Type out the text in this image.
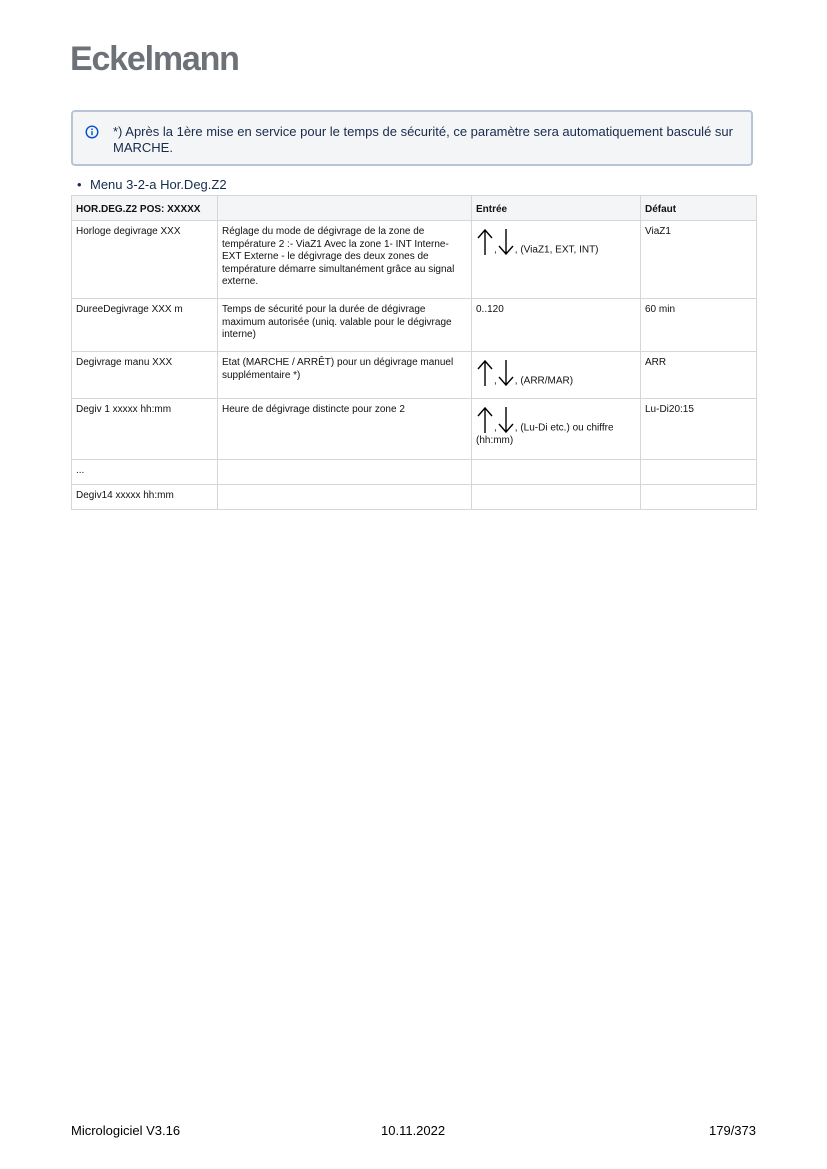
Eckelmann
*) Après la 1ère mise en service pour le temps de sécurité, ce paramètre sera automatiquement basculé sur MARCHE.
• Menu 3-2-a Hor.Deg.Z2
HOR.DEG.Z2 POS: XXXXX		Entrée	Défaut
Horloge degivrage XXX	Réglage du mode de dégivrage de la zone de température 2 :- ViaZ1 Avec la zone 1- INT Interne- EXT Externe - le dégivrage des deux zones de température démarre simultanément grâce au signal externe.	, , (ViaZ1, EXT, INT)	ViaZ1
DureeDegivrage XXX m	Temps de sécurité pour la durée de dégivrage maximum autorisée (uniq. valable pour le dégivrage interne)	0..120	60 min
Degivrage manu XXX	Etat (MARCHE / ARRÊT) pour un dégivrage manuel supplémentaire *)	, , (ARR/MAR)	ARR
Degiv 1 xxxxx hh:mm	Heure de dégivrage distincte pour zone 2	, , (Lu-Di etc.) ou chiffre (hh:mm)	Lu-Di20:15
...			
Degiv14 xxxxx hh:mm			
Micrologiciel V3.16	10.11.2022	179/373
